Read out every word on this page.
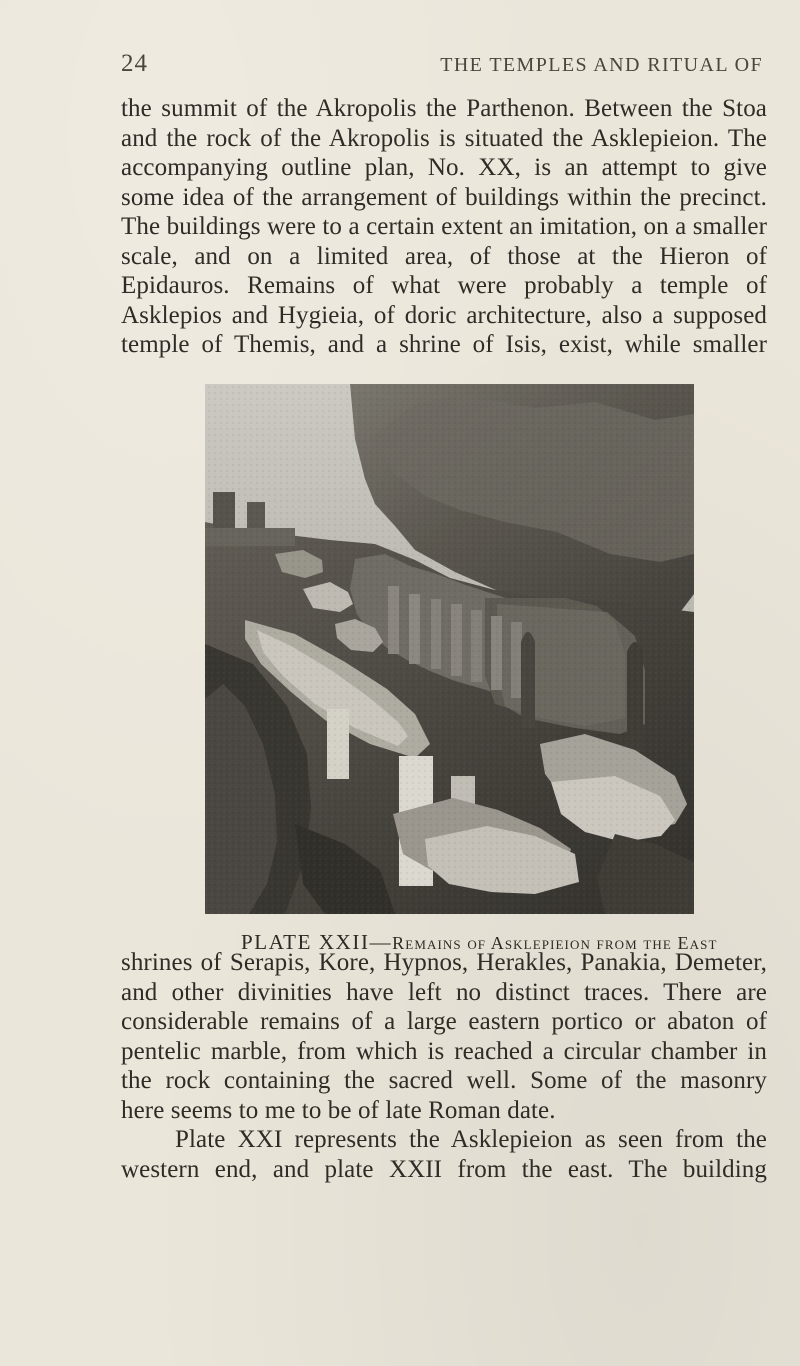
24	THE TEMPLES AND RITUAL OF
the summit of the Akropolis the Parthenon. Between the Stoa
and the rock of the Akropolis is situated the Asklepieion. The
accompanying outline plan, No. XX, is an attempt to give
some idea of the arrangement of buildings within the precinct.
The buildings were to a certain extent an imitation, on a smaller
scale, and on a limited area, of those at the Hieron of
Epidauros. Remains of what were probably a temple of
Asklepios and Hygieia, of doric architecture, also a supposed
temple of Themis, and a shrine of Isis, exist, while smaller
PLATE XXII—Remains of Asklepieion from the East
shrines of Serapis, Kore, Hypnos, Herakles, Panakia, Demeter,
and other divinities have left no distinct traces. There are
considerable remains of a large eastern portico or abaton of
pentelic marble, from which is reached a circular chamber in
the rock containing the sacred well. Some of the masonry
here seems to me to be of late Roman date.
Plate XXI represents the Asklepieion as seen from the
western end, and plate XXII from the east. The building
